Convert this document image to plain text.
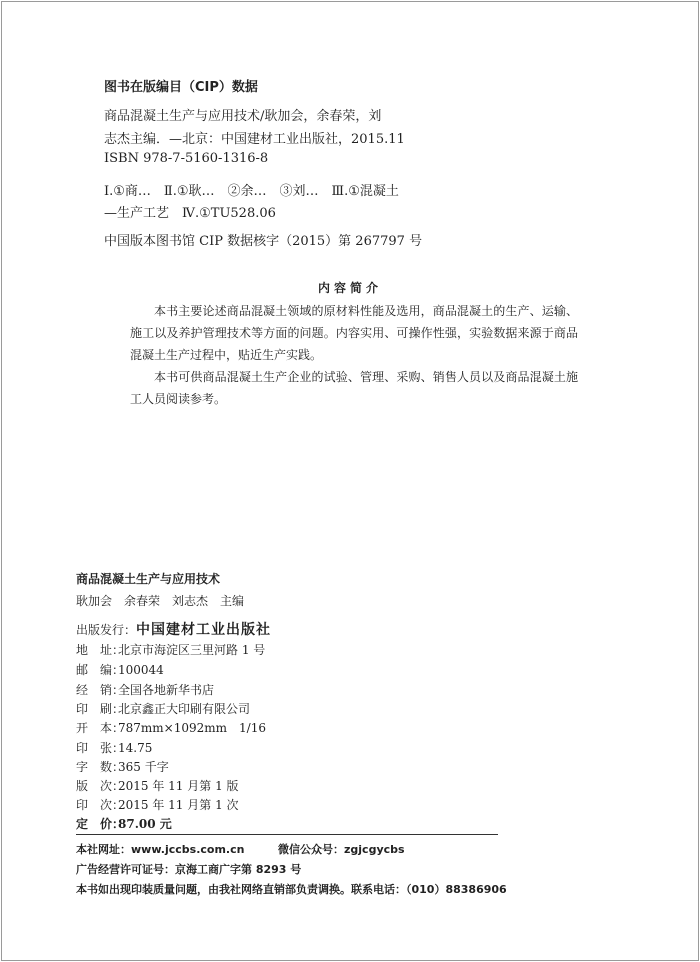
图书在版编目（CIP）数据
商品混凝土生产与应用技术/耿加会，余春荣，刘
志杰主编．—北京：中国建材工业出版社，2015.11
ISBN 978-7-5160-1316-8
Ⅰ.①商…　Ⅱ.①耿…　②余…　③刘…　Ⅲ.①混凝土
—生产工艺　Ⅳ.①TU528.06
中国版本图书馆 CIP 数据核字（2015）第 267797 号
内容简介
本书主要论述商品混凝土领域的原材料性能及选用，商品混凝土的生产、运输、施工以及养护管理技术等方面的问题。内容实用、可操作性强，实验数据来源于商品混凝土生产过程中，贴近生产实践。
本书可供商品混凝土生产企业的试验、管理、采购、销售人员以及商品混凝土施工人员阅读参考。
商品混凝土生产与应用技术
耿加会　余春荣　刘志杰　主编
出版发行：中国建材工业出版社
地　址：北京市海淀区三里河路 1 号
邮　编：100044
经　销：全国各地新华书店
印　刷：北京鑫正大印刷有限公司
开　本：787mm×1092mm　1/16
印　张：14.75
字　数：365 千字
版　次：2015 年 11 月第 1 版
印　次：2015 年 11 月第 1 次
定　价：87.00 元
本社网址：www.jccbs.com.cn	微信公众号：zgjcgycbs
广告经营许可证号：京海工商广字第 8293 号
本书如出现印装质量问题，由我社网络直销部负责调换。联系电话：（010）88386906
